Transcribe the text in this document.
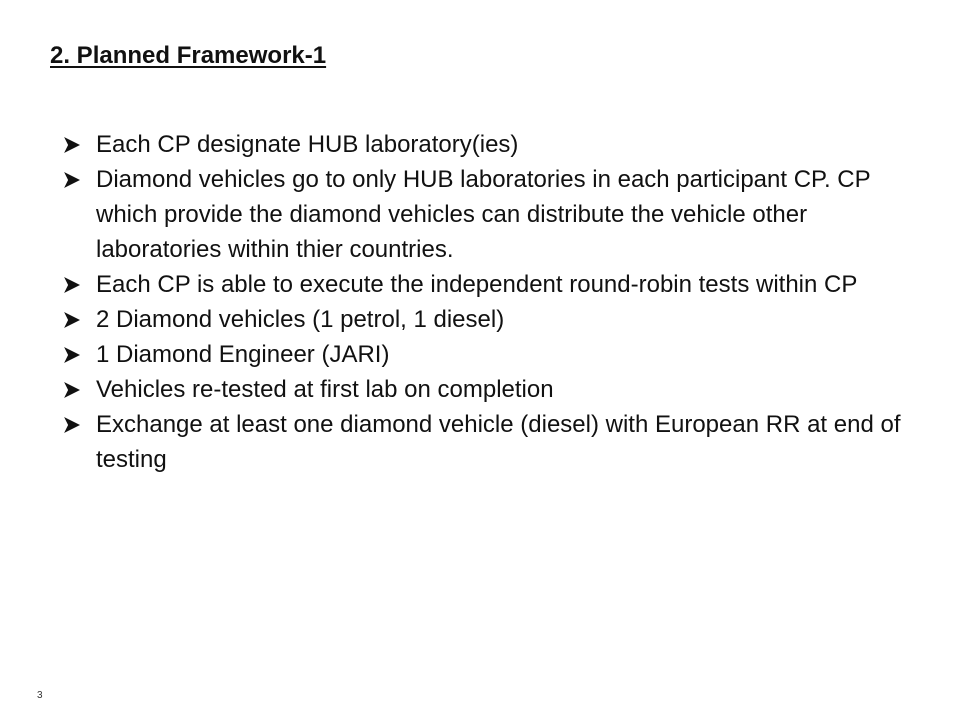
2. Planned Framework-1
Each CP designate HUB laboratory(ies)
Diamond vehicles go to only HUB laboratories in each participant CP. CP which provide the diamond vehicles can distribute the vehicle other laboratories within thier countries.
Each CP is able to execute the independent round-robin tests within CP
2 Diamond vehicles (1 petrol, 1 diesel)
1 Diamond Engineer (JARI)
Vehicles re-tested at first lab on completion
Exchange at least one diamond vehicle (diesel) with European RR at end of testing
3
